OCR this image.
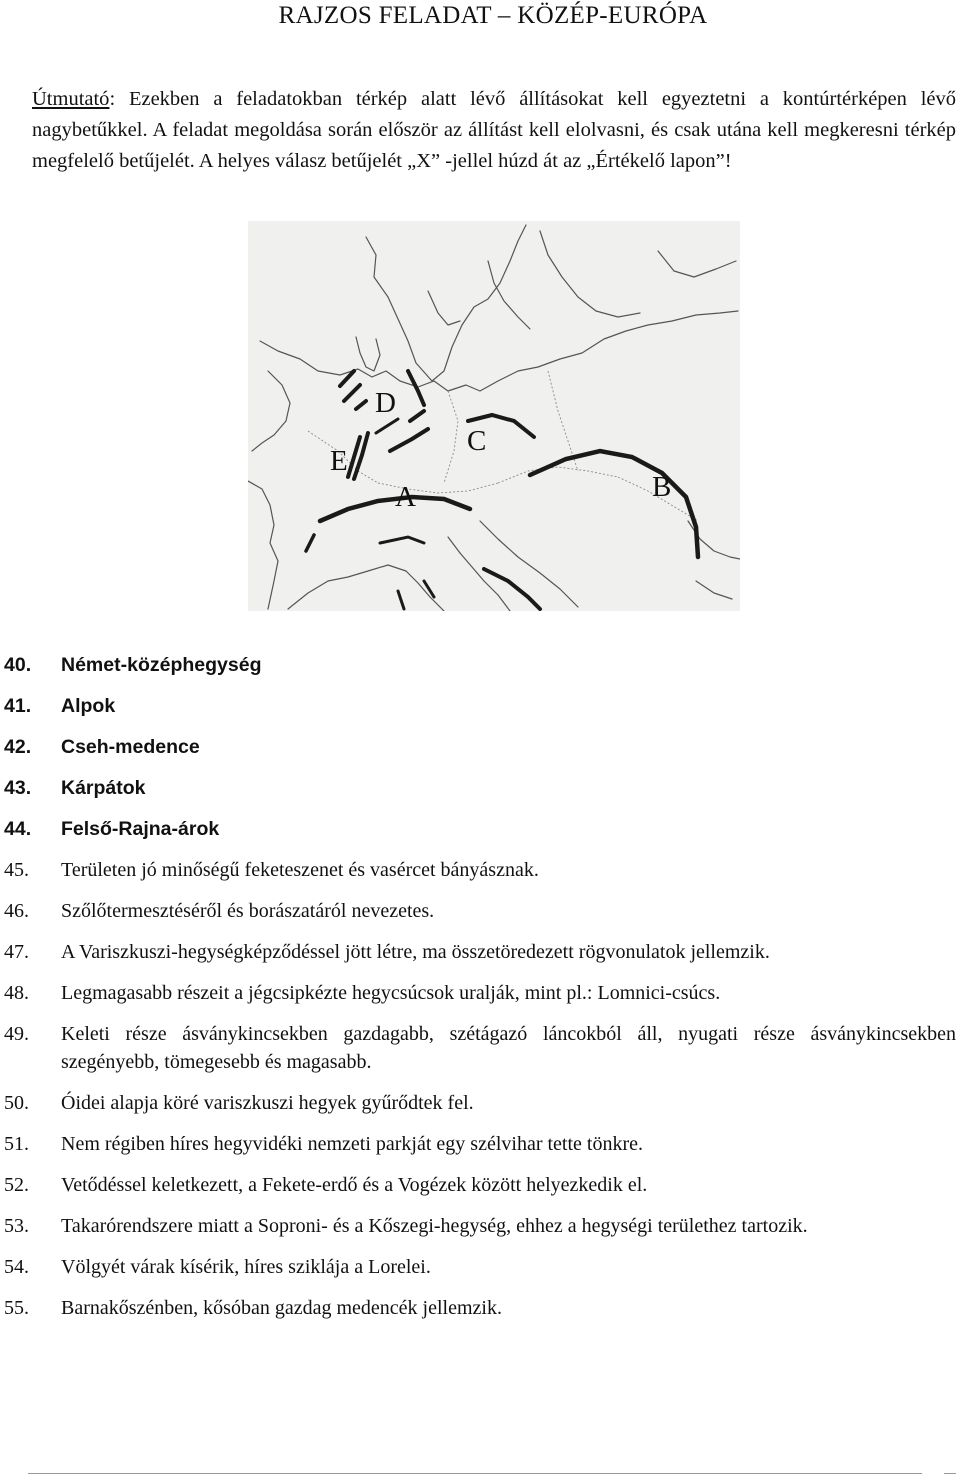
RAJZOS FELADAT – KÖZÉP-EURÓPA
Útmutató: Ezekben a feladatokban térkép alatt lévő állításokat kell egyeztetni a kontúrtérképen lévő nagybetűkkel. A feladat megoldása során először az állítást kell elolvasni, és csak utána kell megkeresni térkép megfelelő betűjelét. A helyes válasz betűjelét „X” -jellel húzd át az „Értékelő lapon”!
D
C
E
A	B
40. Német-középhegység
41. Alpok
42. Cseh-medence
43. Kárpátok
44. Felső-Rajna-árok
45. Területen jó minőségű feketeszenet és vasércet bányásznak.
46. Szőlőtermesztéséről és borászatáról nevezetes.
47. A Variszkuszi-hegységképződéssel jött létre, ma összetöredezett rögvonulatok jellemzik.
48. Legmagasabb részeit a jégcsipkézte hegycsúcsok uralják, mint pl.: Lomnici-csúcs.
49. Keleti része ásványkincsekben gazdagabb, szétágazó láncokból áll, nyugati része ásványkincsekben szegényebb, tömegesebb és magasabb.
50. Óidei alapja köré variszkuszi hegyek gyűrődtek fel.
51. Nem régiben híres hegyvidéki nemzeti parkját egy szélvihar tette tönkre.
52. Vetődéssel keletkezett, a Fekete-erdő és a Vogézek között helyezkedik el.
53. Takarórendszere miatt a Soproni- és a Kőszegi-hegység, ehhez a hegységi területhez tartozik.
54. Völgyét várak kísérik, híres sziklája a Lorelei.
55. Barnakőszénben, kősóban gazdag medencék jellemzik.
